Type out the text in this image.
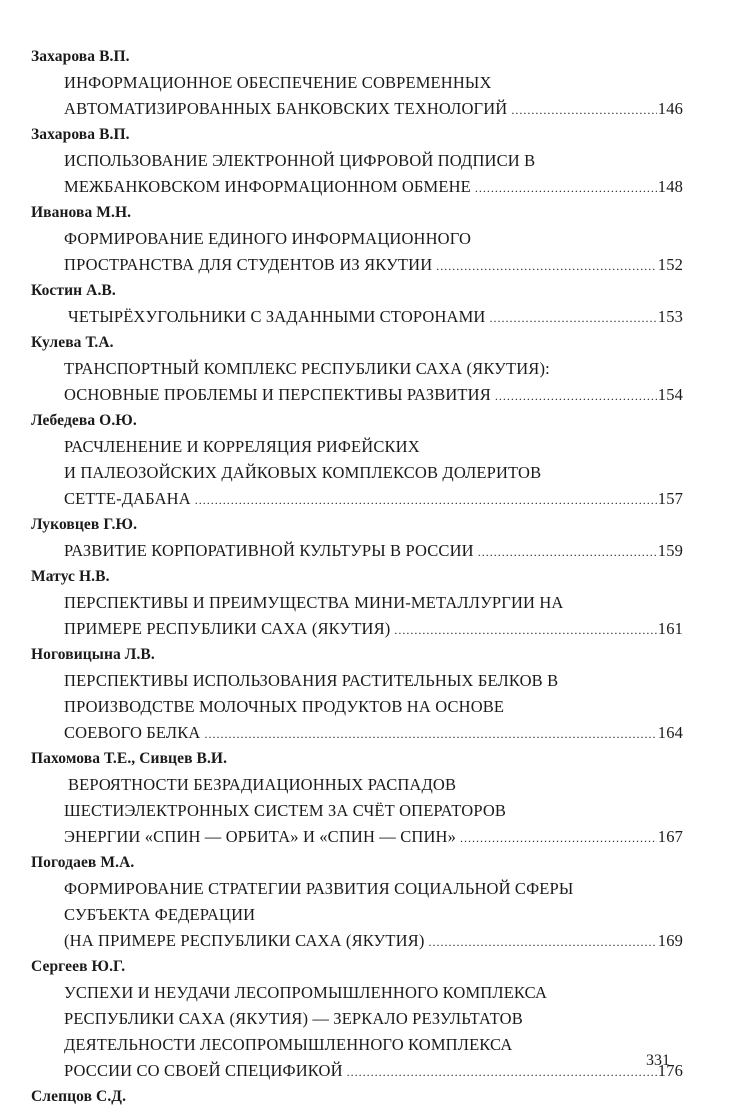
Захарова В.П.
ИНФОРМАЦИОННОЕ ОБЕСПЕЧЕНИЕ СОВРЕМЕННЫХ
АВТОМАТИЗИРОВАННЫХ БАНКОВСКИХ ТЕХНОЛОГИЙ .....	146
Захарова В.П.
ИСПОЛЬЗОВАНИЕ ЭЛЕКТРОННОЙ ЦИФРОВОЙ ПОДПИСИ В
МЕЖБАНКОВСКОМ ИНФОРМАЦИОННОМ ОБМЕНЕ .....	148
Иванова М.Н.
ФОРМИРОВАНИЕ ЕДИНОГО ИНФОРМАЦИОННОГО
ПРОСТРАНСТВА ДЛЯ СТУДЕНТОВ ИЗ ЯКУТИИ .....	152
Костин А.В.
ЧЕТЫРЁХУГОЛЬНИКИ С ЗАДАННЫМИ СТОРОНАМИ .....	153
Кулева Т.А.
ТРАНСПОРТНЫЙ КОМПЛЕКС РЕСПУБЛИКИ САХА (ЯКУТИЯ):
ОСНОВНЫЕ ПРОБЛЕМЫ И ПЕРСПЕКТИВЫ РАЗВИТИЯ .....	154
Лебедева О.Ю.
РАСЧЛЕНЕНИЕ И КОРРЕЛЯЦИЯ РИФЕЙСКИХ
И ПАЛЕОЗОЙСКИХ ДАЙКОВЫХ КОМПЛЕКСОВ ДОЛЕРИТОВ
СЕТТЕ-ДАБАНА .....	157
Луковцев Г.Ю.
РАЗВИТИЕ КОРПОРАТИВНОЙ КУЛЬТУРЫ В РОССИИ .....	159
Матус Н.В.
ПЕРСПЕКТИВЫ И ПРЕИМУЩЕСТВА МИНИ-МЕТАЛЛУРГИИ НА
ПРИМЕРЕ РЕСПУБЛИКИ САХА (ЯКУТИЯ) .....	161
Ноговицына Л.В.
ПЕРСПЕКТИВЫ ИСПОЛЬЗОВАНИЯ РАСТИТЕЛЬНЫХ БЕЛКОВ В
ПРОИЗВОДСТВЕ МОЛОЧНЫХ ПРОДУКТОВ НА ОСНОВЕ
СОЕВОГО БЕЛКА .....	164
Пахомова Т.Е., Сивцев В.И.
ВЕРОЯТНОСТИ БЕЗРАДИАЦИОННЫХ РАСПАДОВ
ШЕСТИЭЛЕКТРОННЫХ СИСТЕМ ЗА СЧЁТ ОПЕРАТОРОВ
ЭНЕРГИИ «СПИН — ОРБИТА» И «СПИН — СПИН» .....	167
Погодаев М.А.
ФОРМИРОВАНИЕ СТРАТЕГИИ РАЗВИТИЯ СОЦИАЛЬНОЙ СФЕРЫ
СУБЪЕКТА ФЕДЕРАЦИИ
(НА ПРИМЕРЕ РЕСПУБЛИКИ САХА (ЯКУТИЯ) .....	169
Сергеев Ю.Г.
УСПЕХИ И НЕУДАЧИ ЛЕСОПРОМЫШЛЕННОГО КОМПЛЕКСА
РЕСПУБЛИКИ САХА (ЯКУТИЯ) — ЗЕРКАЛО РЕЗУЛЬТАТОВ
ДЕЯТЕЛЬНОСТИ ЛЕСОПРОМЫШЛЕННОГО КОМПЛЕКСА
РОССИИ СО СВОЕЙ СПЕЦИФИКОЙ .....	176
Слепцов С.Д.
331
